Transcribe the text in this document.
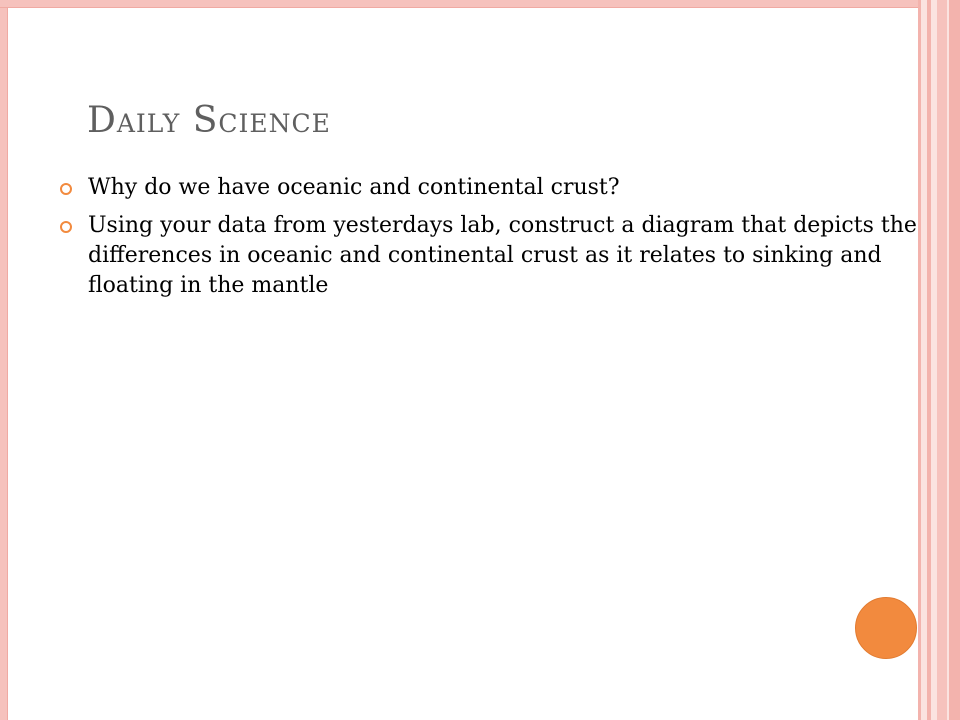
Daily Science
Why do we have oceanic and continental crust?
Using your data from yesterdays lab, construct a diagram that depicts the differences in oceanic and continental crust as it relates to sinking and floating in the mantle
